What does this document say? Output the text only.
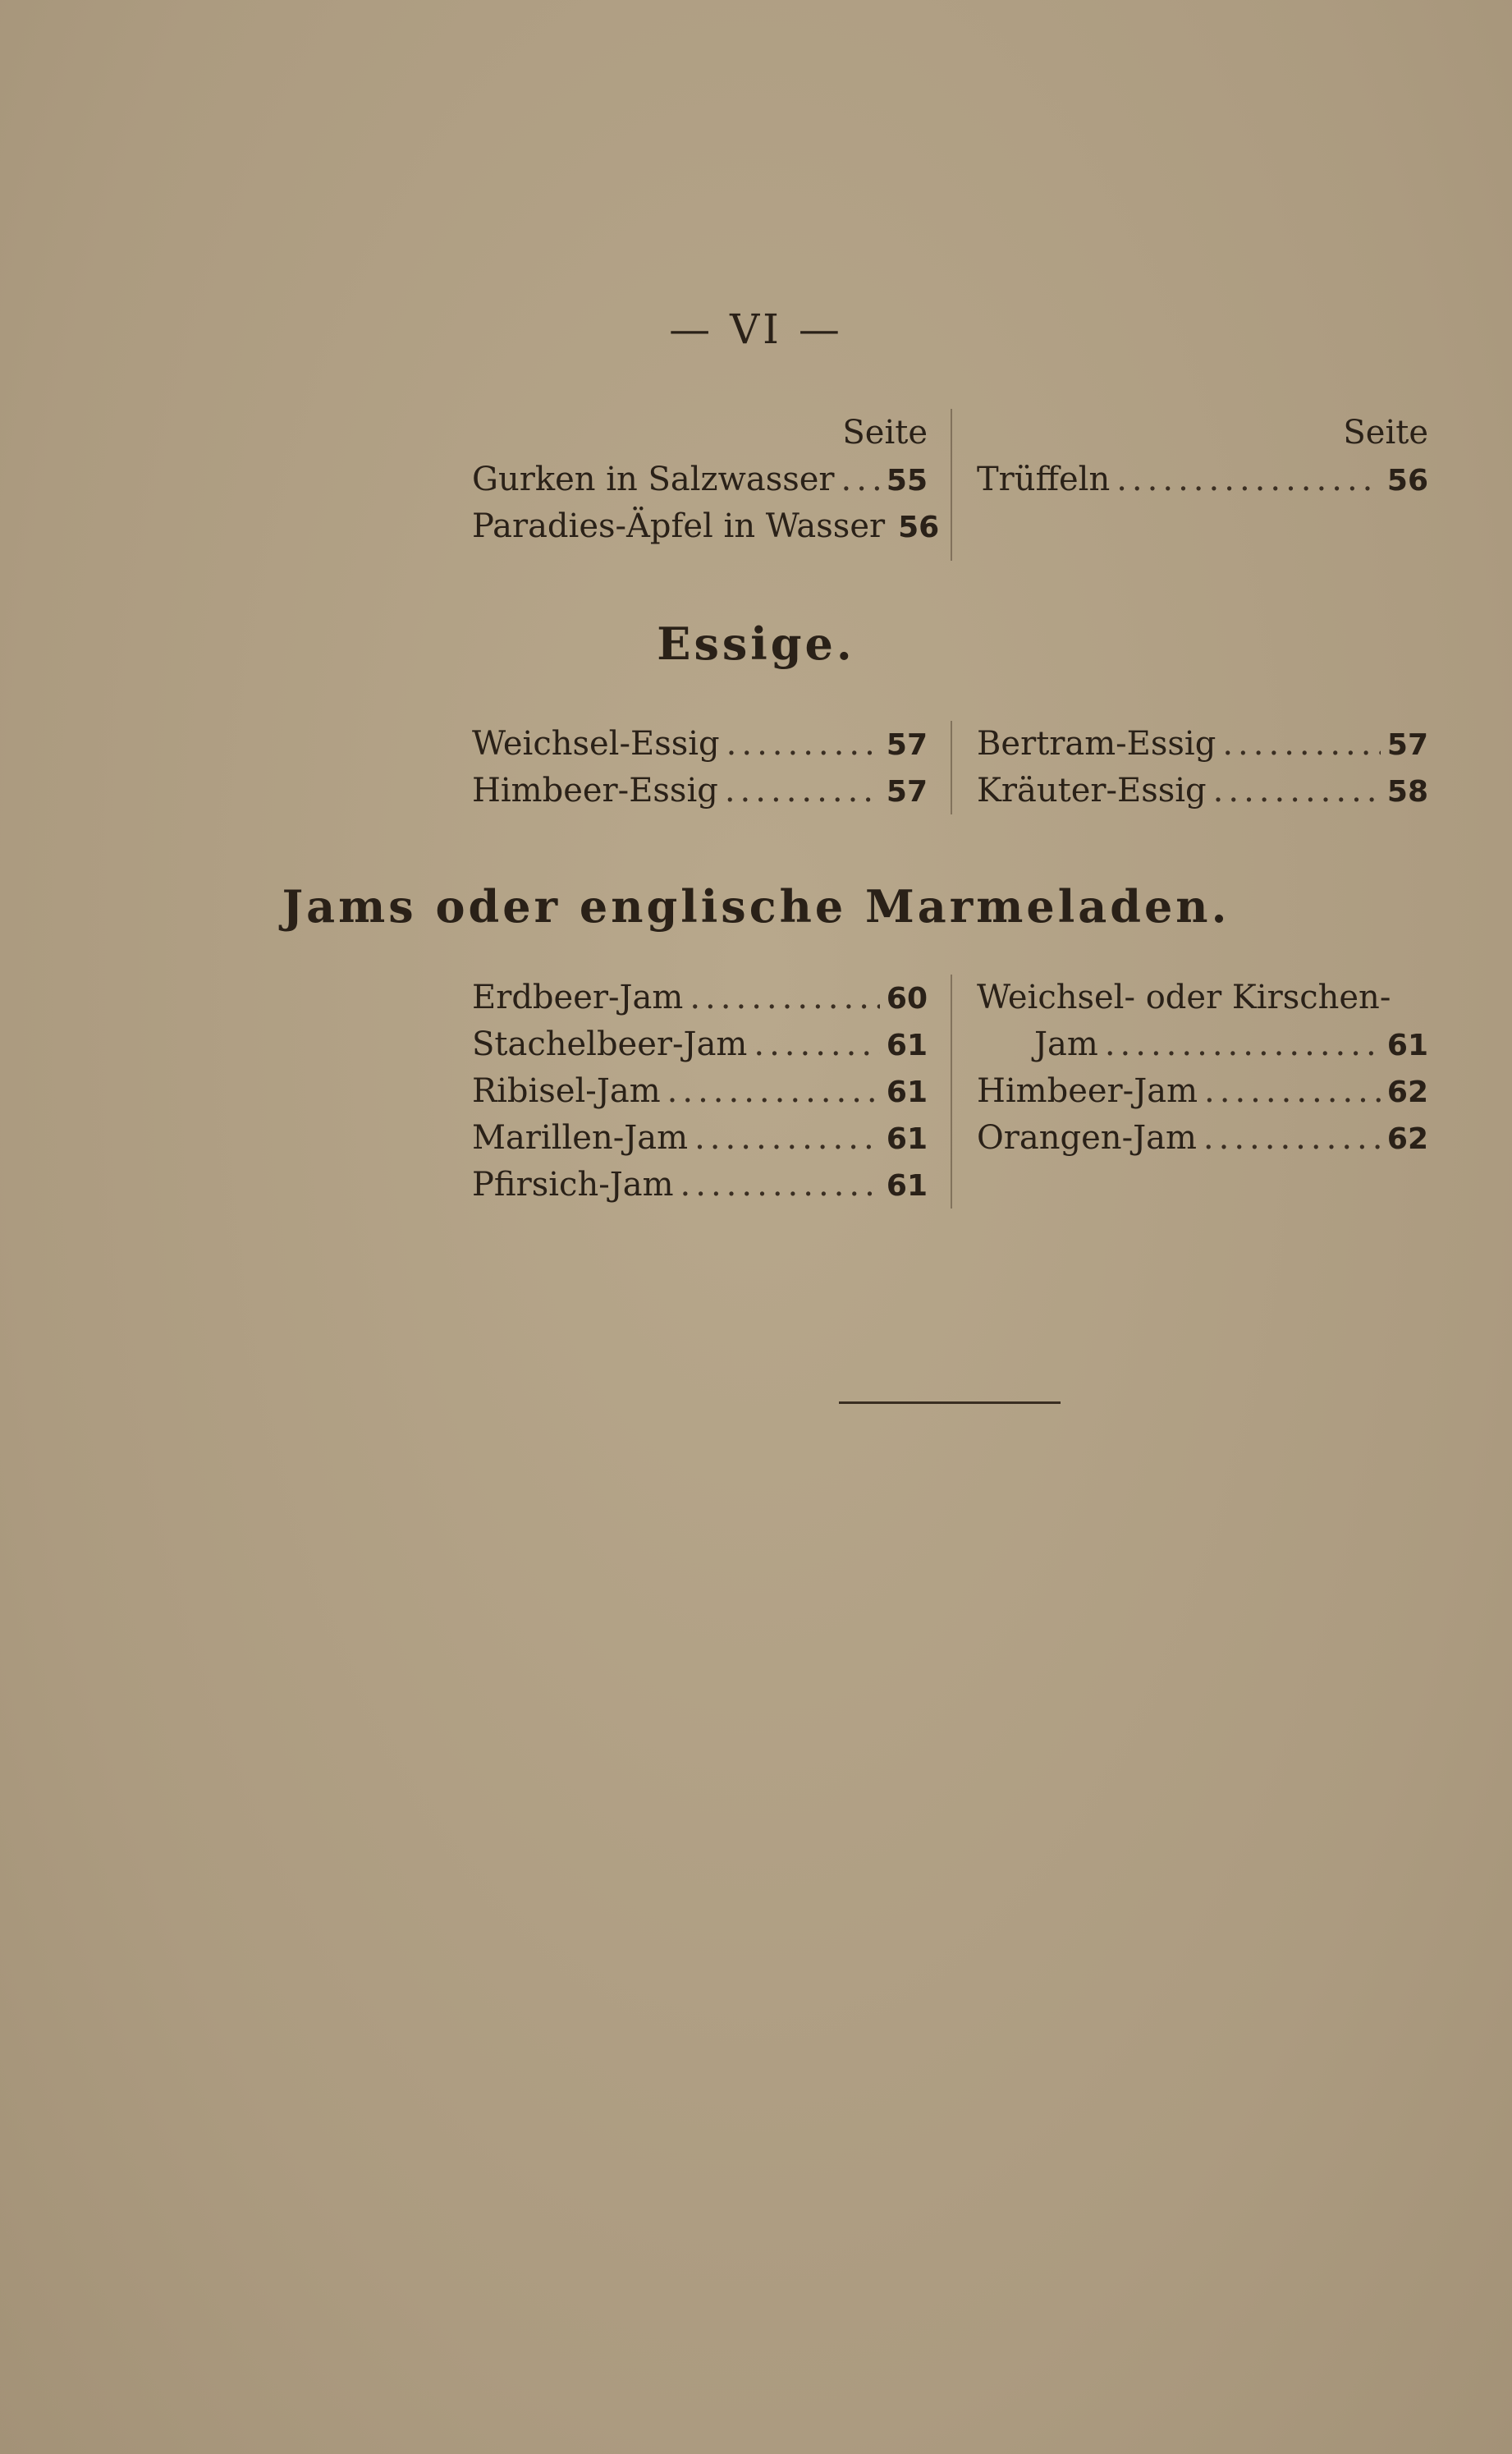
— VI —
Seite
Gurken in Salzwasser ..... 55
Paradies-Äpfel in Wasser 56
Seite
Trüffeln .....	56
Essige.
Weichsel-Essig .....	57
Himbeer-Essig .....	57
Bertram-Essig .....	57
Kräuter-Essig .....	58
Jams oder englische Marmeladen.
Erdbeer-Jam .....	60
Stachelbeer-Jam .....	61
Ribisel-Jam .....	61
Marillen-Jam .....	61
Pfirsich-Jam .....	61
Weichsel- oder Kirschen-
Jam .....	61
Himbeer-Jam .....	62
Orangen-Jam .....	62
